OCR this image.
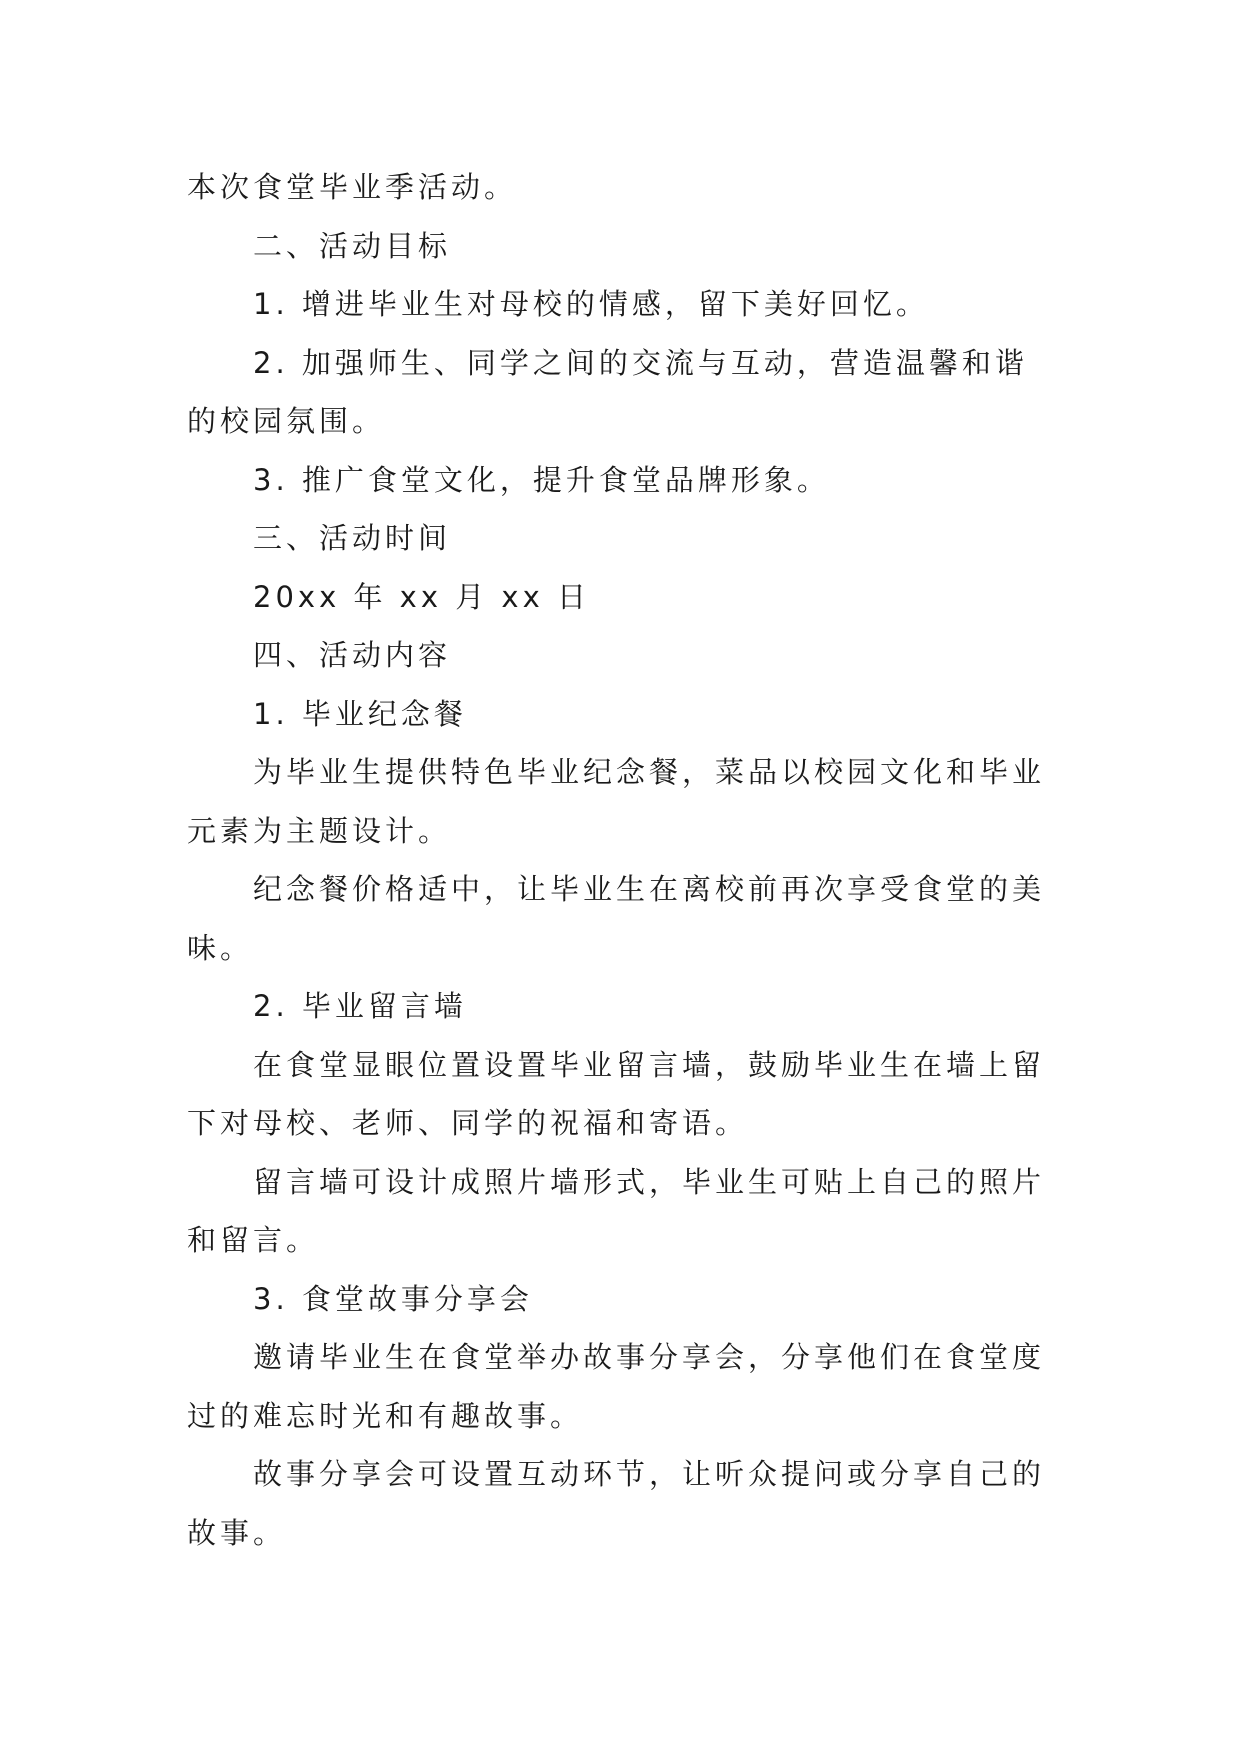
本次食堂毕业季活动。

二、活动目标

1. 增进毕业生对母校的情感，留下美好回忆。

2. 加强师生、同学之间的交流与互动，营造温馨和谐

的校园氛围。

3. 推广食堂文化，提升食堂品牌形象。

三、活动时间

20xx 年 xx 月 xx 日

四、活动内容

1. 毕业纪念餐

为毕业生提供特色毕业纪念餐，菜品以校园文化和毕业

元素为主题设计。

纪念餐价格适中，让毕业生在离校前再次享受食堂的美

味。

2. 毕业留言墙

在食堂显眼位置设置毕业留言墙，鼓励毕业生在墙上留

下对母校、老师、同学的祝福和寄语。

留言墙可设计成照片墙形式，毕业生可贴上自己的照片

和留言。

3. 食堂故事分享会

邀请毕业生在食堂举办故事分享会，分享他们在食堂度

过的难忘时光和有趣故事。

故事分享会可设置互动环节，让听众提问或分享自己的

故事。
